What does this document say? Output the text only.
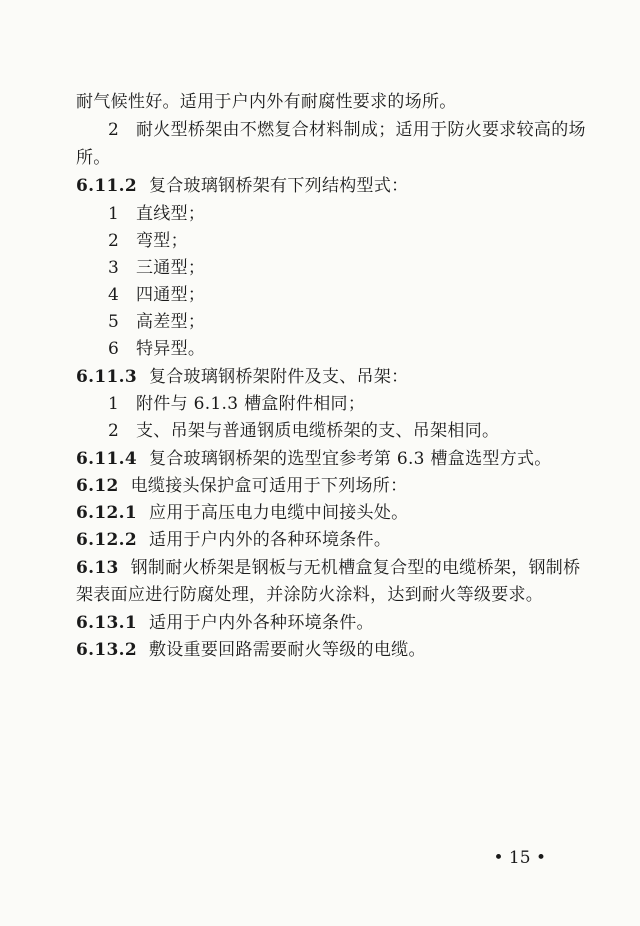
耐气候性好。适用于户内外有耐腐性要求的场所。
2 耐火型桥架由不燃复合材料制成；适用于防火要求较高的场
所。
6.11.2 复合玻璃钢桥架有下列结构型式：
1 直线型；
2 弯型；
3 三通型；
4 四通型；
5 高差型；
6 特异型。
6.11.3 复合玻璃钢桥架附件及支、吊架：
1 附件与 6.1.3 槽盒附件相同；
2 支、吊架与普通钢质电缆桥架的支、吊架相同。
6.11.4 复合玻璃钢桥架的选型宜参考第 6.3 槽盒选型方式。
6.12 电缆接头保护盒可适用于下列场所：
6.12.1 应用于高压电力电缆中间接头处。
6.12.2 适用于户内外的各种环境条件。
6.13 钢制耐火桥架是钢板与无机槽盒复合型的电缆桥架，钢制桥
架表面应进行防腐处理，并涂防火涂料，达到耐火等级要求。
6.13.1 适用于户内外各种环境条件。
6.13.2 敷设重要回路需要耐火等级的电缆。
• 15 •
